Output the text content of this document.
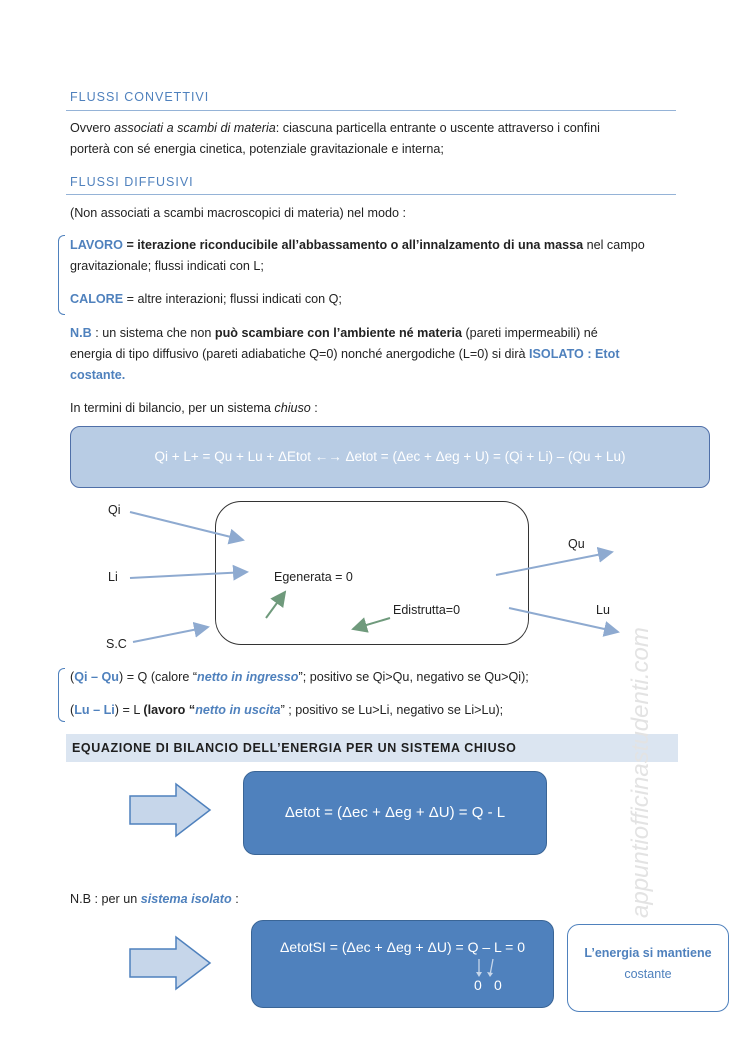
FLUSSI CONVETTIVI
Ovvero associati a scambi di materia: ciascuna particella entrante o uscente attraverso i confini
porterà con sé energia cinetica, potenziale gravitazionale e interna;
FLUSSI DIFFUSIVI
(Non associati a scambi macroscopici di materia) nel modo :
LAVORO = iterazione riconducibile all’abbassamento o all’innalzamento di una massa nel campo
gravitazionale; flussi indicati con L;
CALORE = altre interazioni; flussi indicati con Q;
N.B : un sistema che non può scambiare con l’ambiente né materia (pareti impermeabili) né
energia di tipo diffusivo (pareti adiabatiche Q=0) nonché anergodiche (L=0) si dirà ISOLATO : Etot
costante.
In termini di bilancio, per un sistema chiuso :
Qi + L+ = Qu + Lu + ΔEtot ←→ Δetot = (Δec + Δeg + U) = (Qi + Li) – (Qu + Lu)
Qi
Li
S.C
Qu
Lu
Egenerata = 0
Edistrutta=0
(Qi – Qu) = Q (calore “netto in ingresso”; positivo se Qi>Qu, negativo se Qu>Qi);
(Lu – Li) = L (lavoro “netto in uscita” ; positivo se Lu>Li, negativo se Li>Lu);
EQUAZIONE DI BILANCIO DELL’ENERGIA PER UN SISTEMA CHIUSO
Δetot = (Δec + Δeg + ΔU) = Q - L
N.B : per un sistema isolato :
ΔetotSI = (Δec + Δeg + ΔU) = Q – L = 0
0 0
L’energia si mantiene
costante
appuntiofficinastudenti.com
